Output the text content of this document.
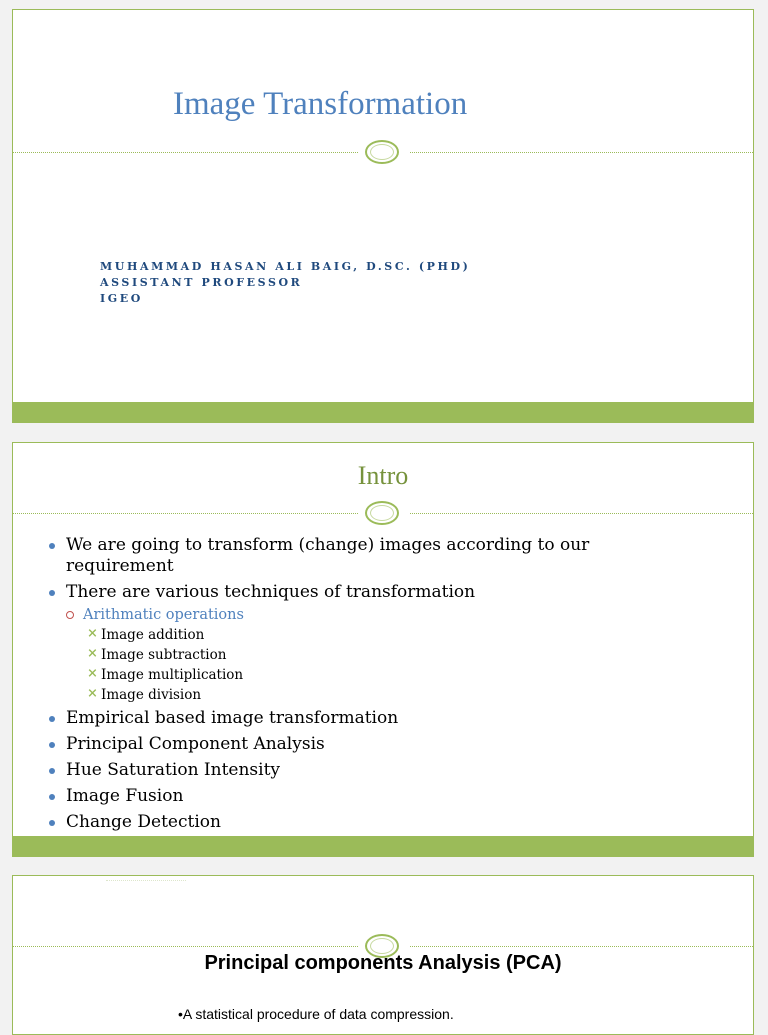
Image Transformation
MUHAMMAD HASAN ALI BAIG, D.SC. (PHD)
ASSISTANT PROFESSOR
IGEO
Intro
We are going to transform (change) images according to our requirement
There are various techniques of transformation
Arithmatic operations
× Image addition
× Image subtraction
× Image multiplication
× Image division
Empirical based image transformation
Principal Component Analysis
Hue Saturation Intensity
Image Fusion
Change Detection
Principal components Analysis (PCA)
•A statistical procedure of data compression.
